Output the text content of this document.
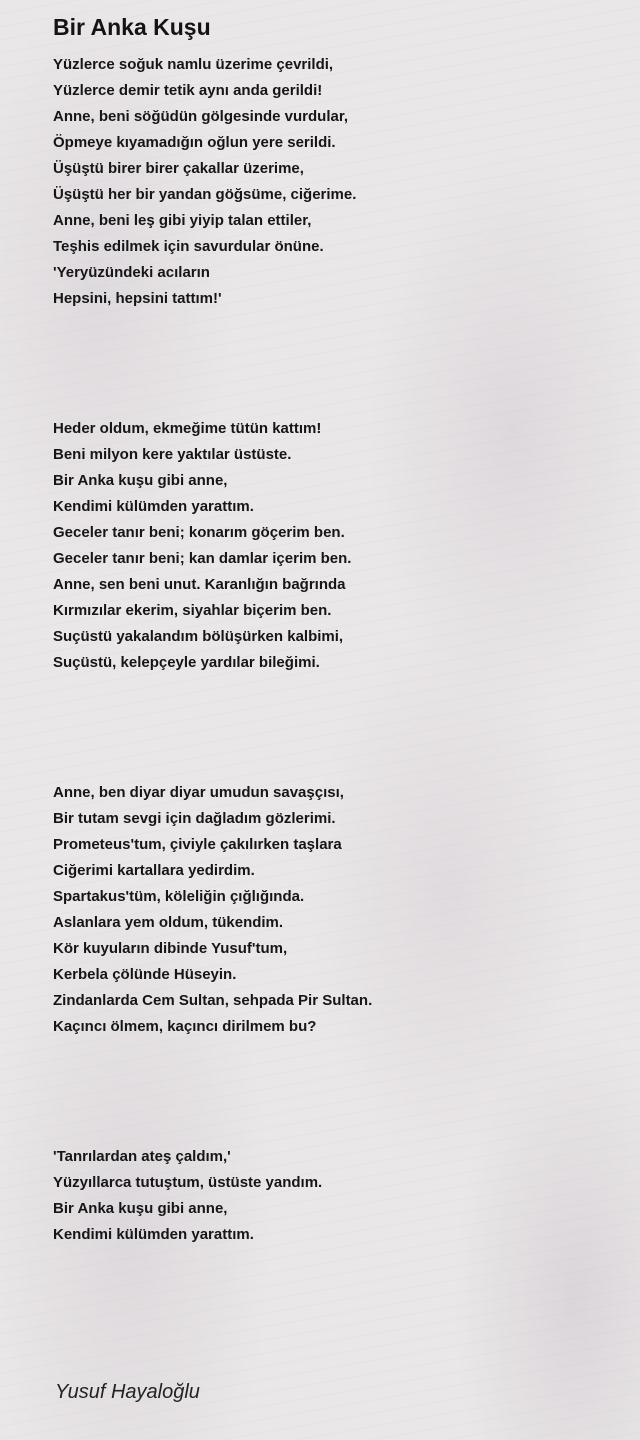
Bir Anka Kuşu
Yüzlerce soğuk namlu üzerime çevrildi,
Yüzlerce demir tetik aynı anda gerildi!
Anne, beni söğüdün gölgesinde vurdular,
Öpmeye kıyamadığın oğlun yere serildi.
Üşüştü birer birer çakallar üzerime,
Üşüştü her bir yandan göğsüme, ciğerime.
Anne, beni leş gibi yiyip talan ettiler,
Teşhis edilmek için savurdular önüne.
'Yeryüzündeki acıların
Hepsini, hepsini tattım!'
Heder oldum, ekmeğime tütün kattım!
Beni milyon kere yaktılar üstüste.
Bir Anka kuşu gibi anne,
Kendimi külümden yarattım.
Geceler tanır beni; konarım göçerim ben.
Geceler tanır beni; kan damlar içerim ben.
Anne, sen beni unut. Karanlığın bağrında
Kırmızılar ekerim, siyahlar biçerim ben.
Suçüstü yakalandım bölüşürken kalbimi,
Suçüstü, kelepçeyle yardılar bileğimi.
Anne, ben diyar diyar umudun savaşçısı,
Bir tutam sevgi için dağladım gözlerimi.
Prometeus'tum, çiviyle çakılırken taşlara
Ciğerimi kartallara yedirdim.
Spartakus'tüm, köleliğin çığlığında.
Aslanlara yem oldum, tükendim.
Kör kuyuların dibinde Yusuf'tum,
Kerbela çölünde Hüseyin.
Zindanlarda Cem Sultan, sehpada Pir Sultan.
Kaçıncı ölmem, kaçıncı dirilmem bu?
'Tanrılardan ateş çaldım,'
Yüzyıllarca tutuştum, üstüste yandım.
Bir Anka kuşu gibi anne,
Kendimi külümden yarattım.
Yusuf Hayaloğlu
